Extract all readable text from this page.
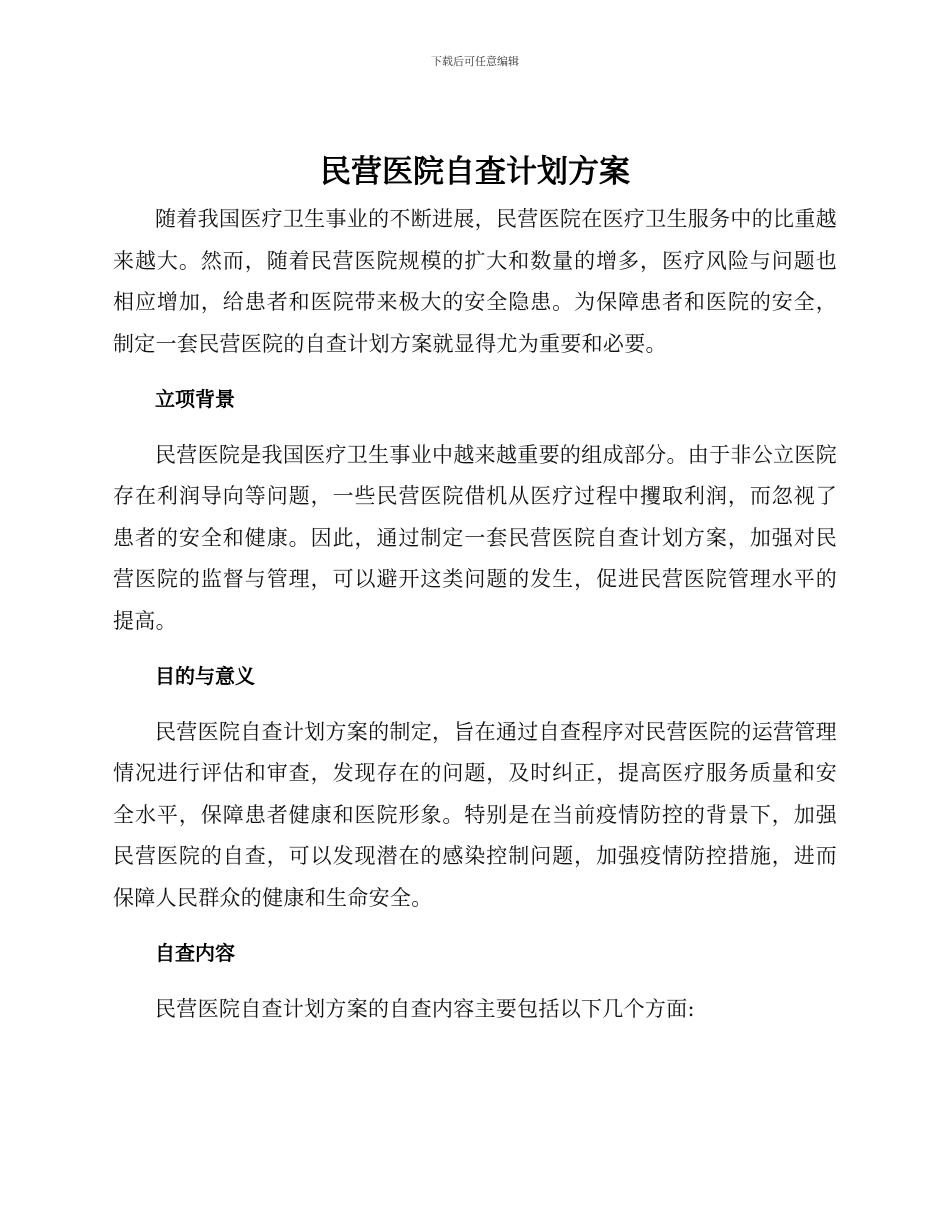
下载后可任意编辑
民营医院自查计划方案

随着我国医疗卫生事业的不断进展，民营医院在医疗卫生服务中的比重越来越大。然而，随着民营医院规模的扩大和数量的增多，医疗风险与问题也相应增加，给患者和医院带来极大的安全隐患。为保障患者和医院的安全，制定一套民营医院的自查计划方案就显得尤为重要和必要。

立项背景

民营医院是我国医疗卫生事业中越来越重要的组成部分。由于非公立医院存在利润导向等问题，一些民营医院借机从医疗过程中攫取利润，而忽视了患者的安全和健康。因此，通过制定一套民营医院自查计划方案，加强对民营医院的监督与管理，可以避开这类问题的发生，促进民营医院管理水平的提高。

目的与意义

民营医院自查计划方案的制定，旨在通过自查程序对民营医院的运营管理情况进行评估和审查，发现存在的问题，及时纠正，提高医疗服务质量和安全水平，保障患者健康和医院形象。特别是在当前疫情防控的背景下，加强民营医院的自查，可以发现潜在的感染控制问题，加强疫情防控措施，进而保障人民群众的健康和生命安全。

自查内容

民营医院自查计划方案的自查内容主要包括以下几个方面:
